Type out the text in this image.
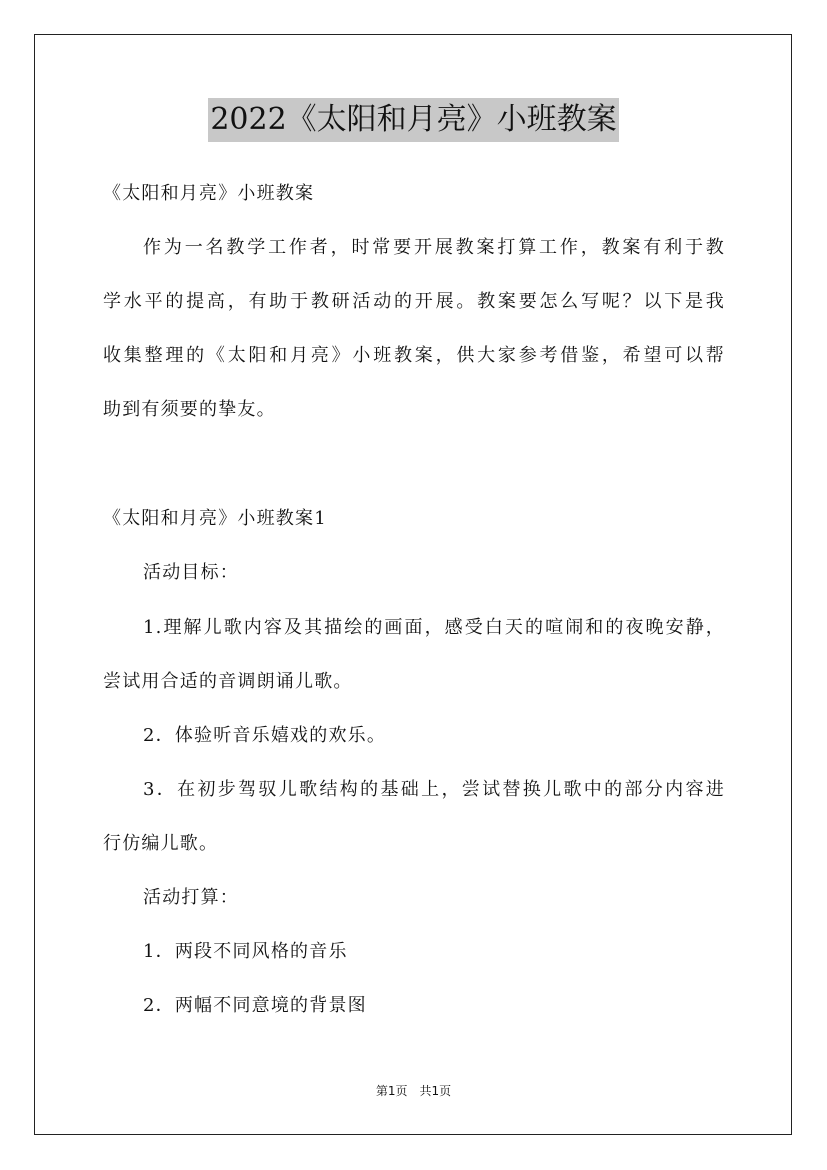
2022《太阳和月亮》小班教案
《太阳和月亮》小班教案
作为一名教学工作者，时常要开展教案打算工作，教案有利于教
学水平的提高，有助于教研活动的开展。教案要怎么写呢？以下是我
收集整理的《太阳和月亮》小班教案，供大家参考借鉴，希望可以帮
助到有须要的挚友。
《太阳和月亮》小班教案1
活动目标：
1.理解儿歌内容及其描绘的画面，感受白天的喧闹和的夜晚安静，
尝试用合适的音调朗诵儿歌。
2．体验听音乐嬉戏的欢乐。
3．在初步驾驭儿歌结构的基础上，尝试替换儿歌中的部分内容进
行仿编儿歌。
活动打算：
1．两段不同风格的音乐
2．两幅不同意境的背景图
第1页　共1页
